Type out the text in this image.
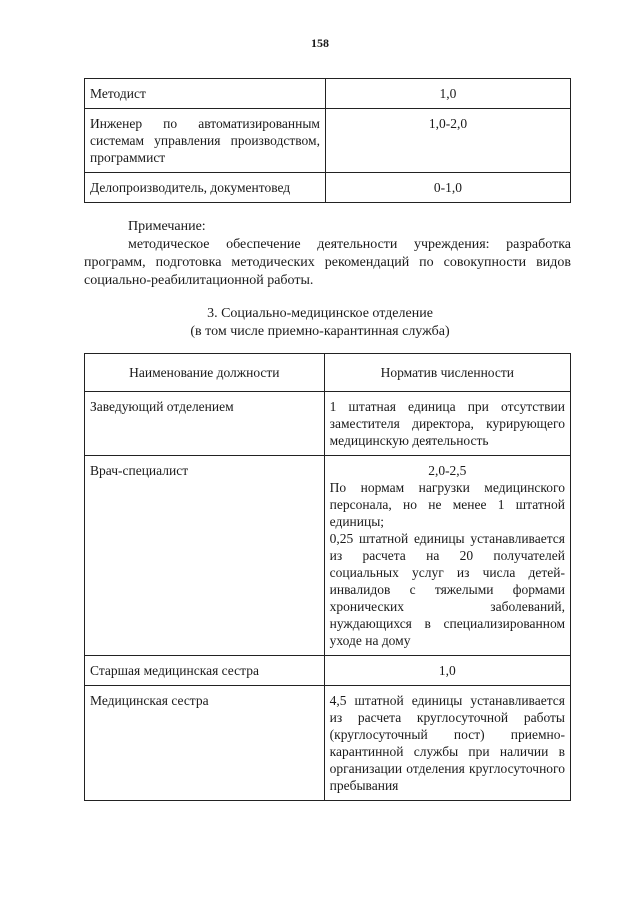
158
Методист	1,0
Инженер по автоматизированным системам управления производством, программист	1,0-2,0
Делопроизводитель, документовед	0-1,0
Примечание:
методическое обеспечение деятельности учреждения: разработка программ, подготовка методических рекомендаций по совокупности видов социально-реабилитационной работы.
3. Социально-медицинское отделение
(в том числе приемно-карантинная служба)
Наименование должности	Норматив численности
Заведующий отделением	1 штатная единица при отсутствии заместителя директора, курирующего медицинскую деятельность

Врач-специалист	2,0-2,5
По нормам нагрузки медицинского персонала, но не менее 1 штатной единицы;
0,25 штатной единицы устанавливается из расчета на 20 получателей социальных услуг из числа детей-инвалидов с тяжелыми формами хронических заболеваний, нуждающихся в специализированном уходе на дому

Старшая медицинская сестра	1,0

Медицинская сестра	4,5 штатной единицы устанавливается из расчета круглосуточной работы (круглосуточный пост) приемно-карантинной службы при наличии в организации отделения круглосуточного пребывания
